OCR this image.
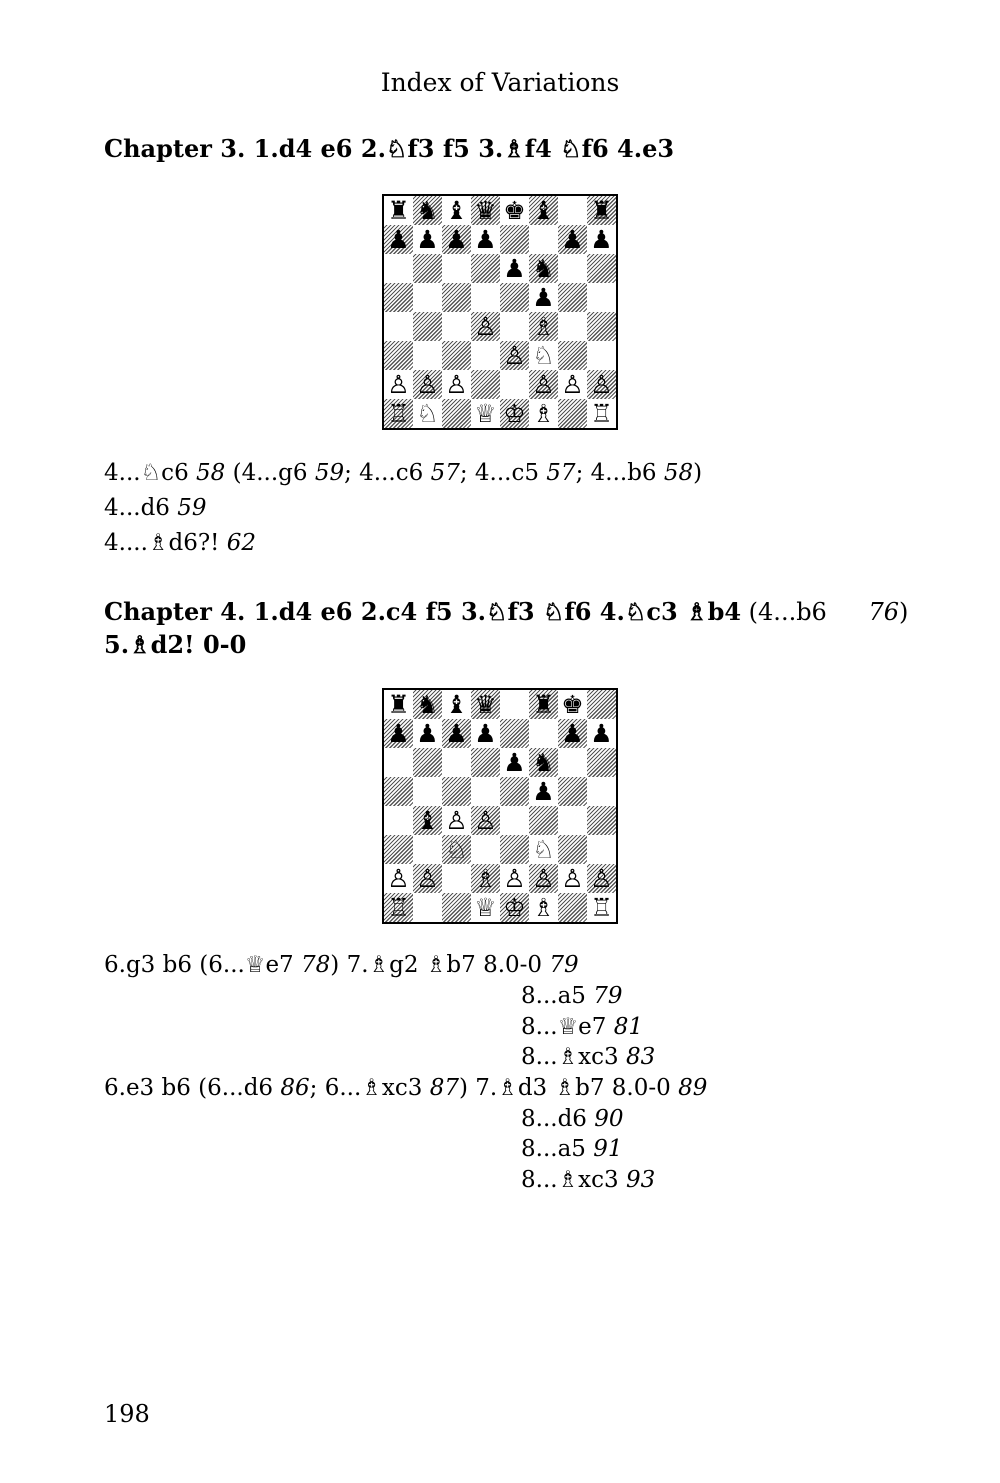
Index of Variations
Chapter 3. 1.d4 e6 2.♘f3 f5 3.♗f4 ♘f6 4.e3
♜ ♞ ♝ ♛ ♚ ♝ ♜
♟ ♟ ♟ ♟	♟ ♟
♟ ♞
♟
♙ ♗
♙ ♘
♙ ♙ ♙	♙ ♙ ♙
♖ ♘ ♕ ♔ ♗ ♖
4...♘c6 58 (4...g6 59; 4...c6 57; 4...c5 57; 4...b6 58)
4...d6 59
4....♗d6?! 62
Chapter 4. 1.d4 e6 2.c4 f5 3.♘f3 ♘f6 4.♘c3 ♗b4 (4...b6 76)
5.♗d2! 0-0
♜ ♞ ♝ ♛ ♜ ♚
♟ ♟ ♟ ♟	♟ ♟
♟ ♞
♟
♝ ♙ ♙
♘	♘
♙ ♙ ♗ ♙ ♙ ♙ ♙
♖	♕ ♔ ♗ ♖
6.g3 b6 (6...♕e7 78) 7.♗g2 ♗b7 8.0-0 79
8...a5 79
8...♕e7 81
8...♗xc3 83
6.e3 b6 (6...d6 86; 6...♗xc3 87) 7.♗d3 ♗b7 8.0-0 89
8...d6 90
8...a5 91
8...♗xc3 93
198
